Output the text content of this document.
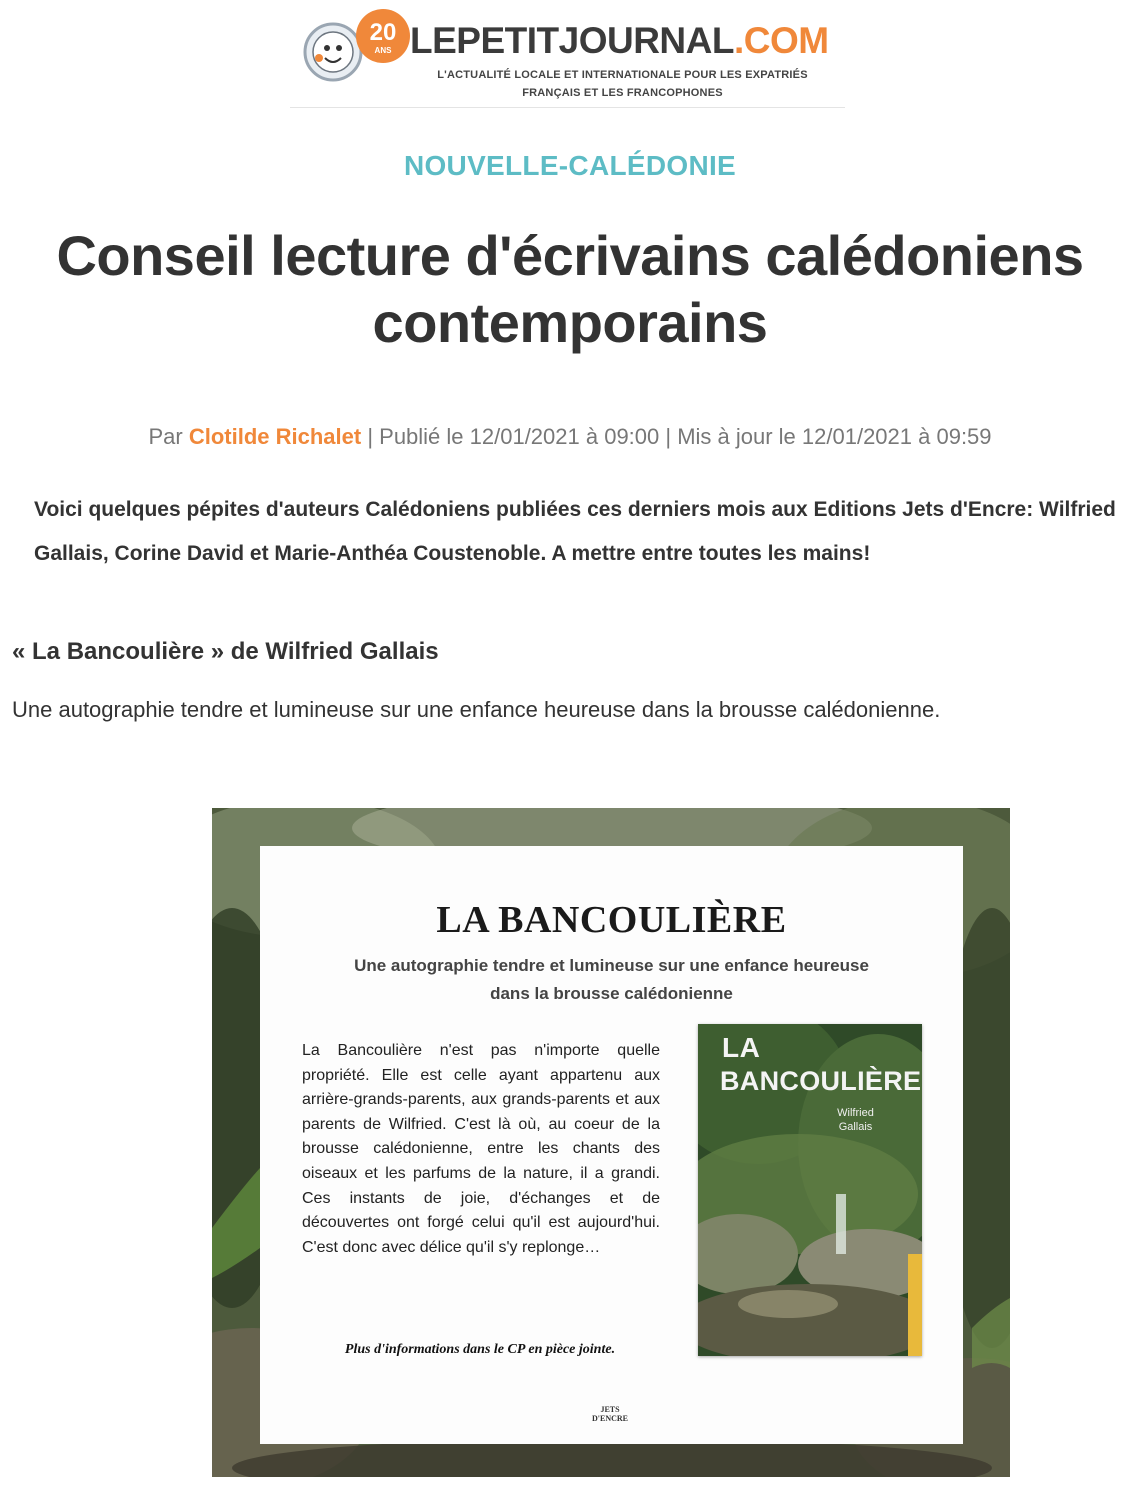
20
ANS LEPETITJOURNAL.COM
L'ACTUALITÉ LOCALE ET INTERNATIONALE POUR LES EXPATRIÉS
FRANÇAIS ET LES FRANCOPHONES
NOUVELLE-CALÉDONIE
Conseil lecture d'écrivains calédoniens
contemporains
Par Clotilde Richalet | Publié le 12/01/2021 à 09:00 | Mis à jour le 12/01/2021 à 09:59

Voici quelques pépites d'auteurs Calédoniens publiées ces derniers mois aux Editions Jets d'Encre: Wilfried Gallais, Corine David et Marie-Anthéa Coustenoble. A mettre entre toutes les mains!

« La Bancoulière » de Wilfried Gallais

Une autographie tendre et lumineuse sur une enfance heureuse dans la brousse calédonienne.

LA BANCOULIÈRE
Une autographie tendre et lumineuse sur une enfance heureuse
dans la brousse calédonienne

La Bancoulière n'est pas n'importe quelle propriété. Elle est celle ayant appartenu aux arrière-grands-parents, aux grands-parents et aux parents de Wilfried. C'est là où, au coeur de la brousse calédonienne, entre les chants des oiseaux et les parfums de la nature, il a grandi. Ces instants de joie, d'échanges et de découvertes ont forgé celui qu'il est aujourd'hui. C'est donc avec délice qu'il s'y replonge…

Plus d'informations dans le CP en pièce jointe.
LA
BANCOULIÈRE
Wilfried
Gallais
JETS
D'ENCRE
